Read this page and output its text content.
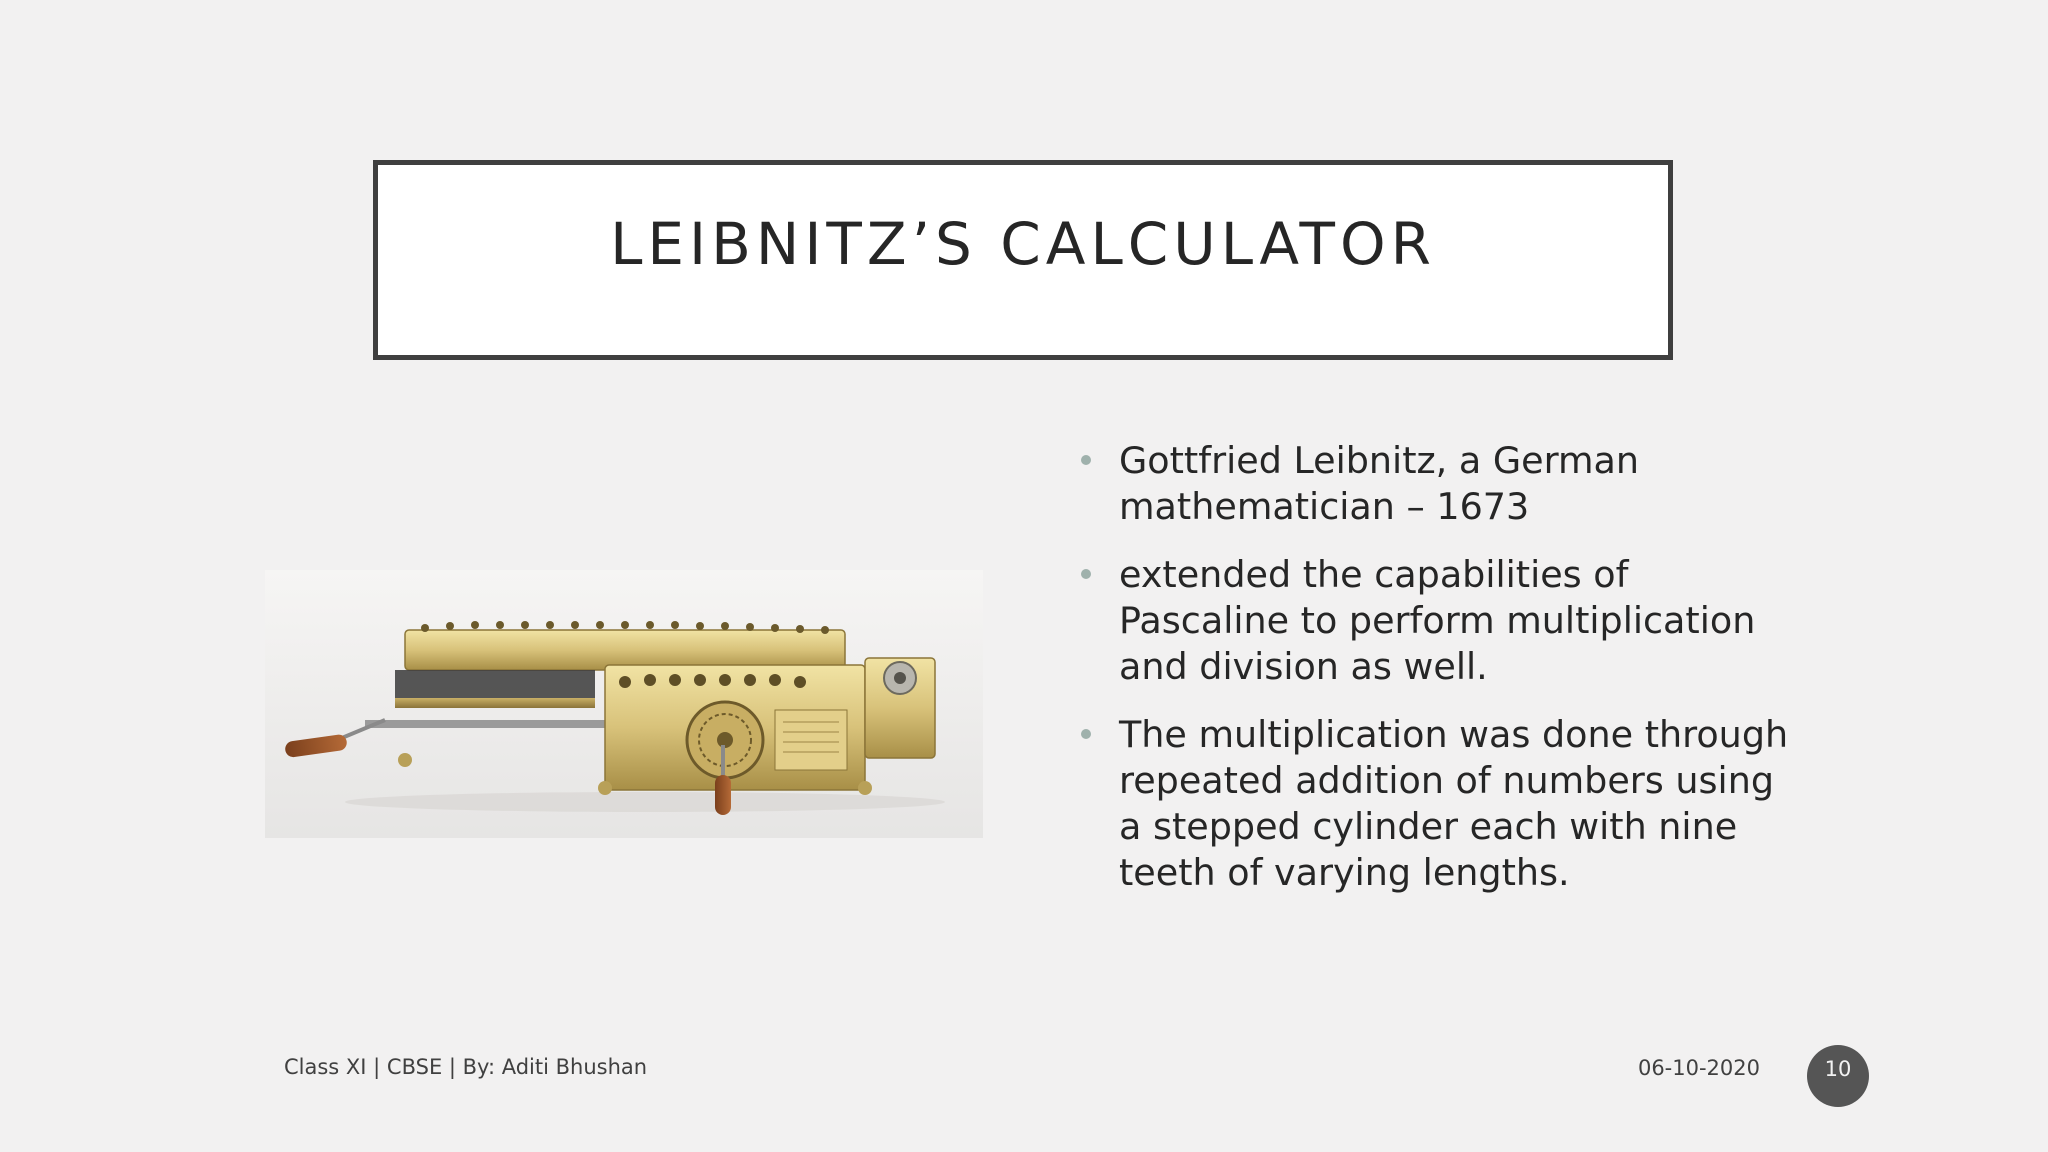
LEIBNITZ’S CALCULATOR
Gottfried Leibnitz, a German mathematician – 1673
extended the capabilities of Pascaline to perform multiplication and division as well.
The multiplication was done through repeated addition of numbers using a stepped cylinder each with nine teeth of varying lengths.
Class XI | CBSE | By: Aditi Bhushan	06-10-2020	10
